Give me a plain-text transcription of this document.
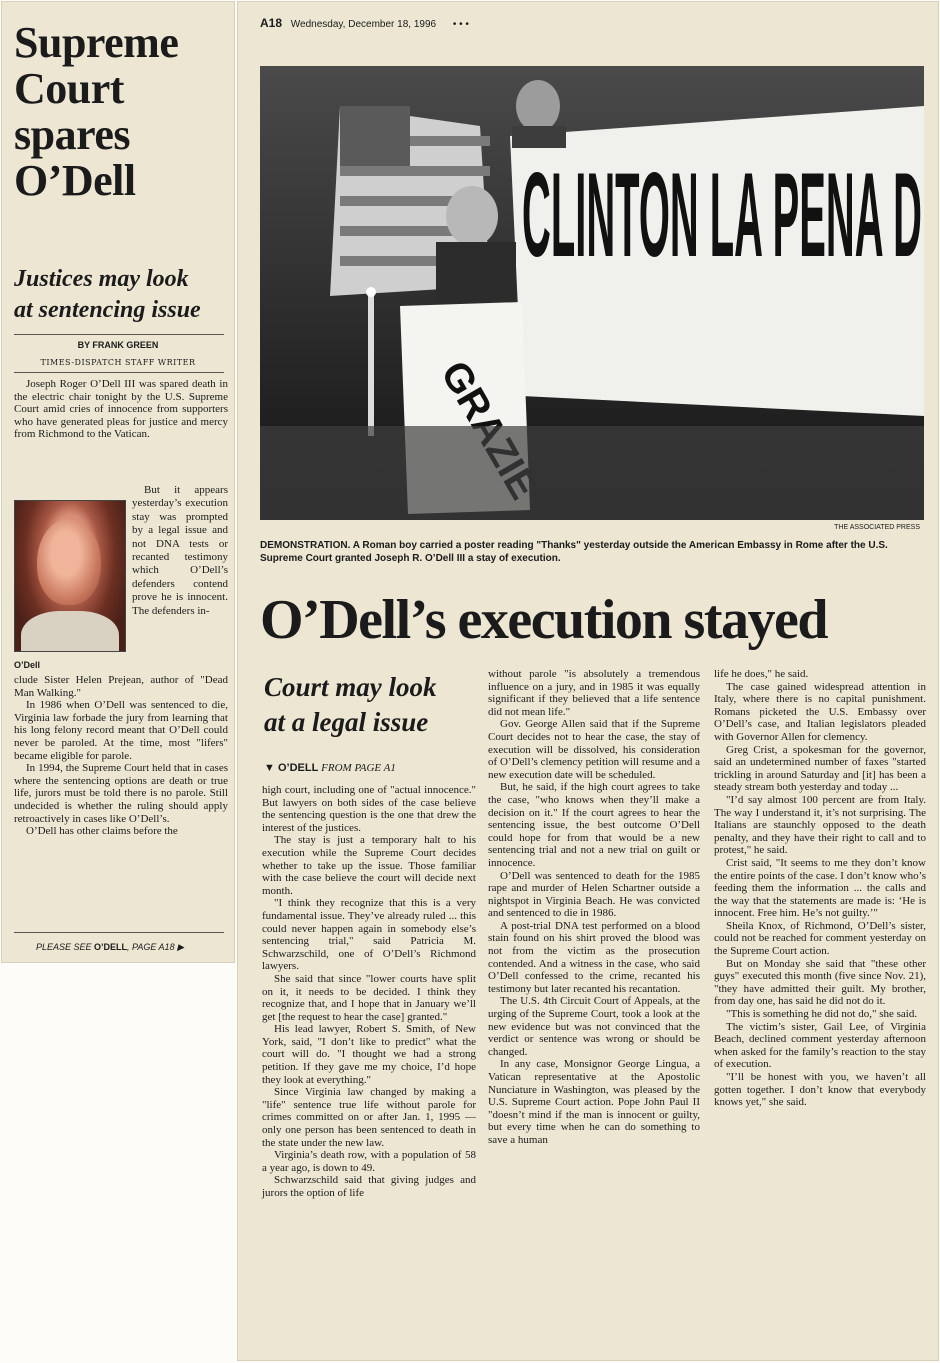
Supreme
Court
spares
O’Dell
Justices may look
at sentencing issue
BY FRANK GREEN
TIMES-DISPATCH STAFF WRITER

Joseph Roger O’Dell III was spared death in the electric chair tonight by the U.S. Supreme Court amid cries of innocence from supporters who have generated pleas for justice and mercy from Richmond to the Vatican.

O’Dell

But it appears yesterday’s execution stay was prompted by a legal issue and not DNA tests or recanted testimony which O’Dell’s defenders contend prove he is innocent. The defenders in-

clude Sister Helen Prejean, author of "Dead Man Walking."

In 1986 when O’Dell was sentenced to die, Virginia law forbade the jury from learning that his long felony record meant that O’Dell could never be paroled. At the time, most "lifers" became eligible for parole.

In 1994, the Supreme Court held that in cases where the sentencing options are death or true life, jurors must be told there is no parole. Still undecided is whether the ruling should apply retroactively in cases like O’Dell’s.

O’Dell has other claims before the

PLEASE SEE O’DELL, PAGE A18 ▶
A18 Wednesday, December 18, 1996 • • •
CLINTON LA PENA D
THE ASSOCIATED PRESS
DEMONSTRATION. A Roman boy carried a poster reading "Thanks" yesterday outside the American Embassy in Rome after the U.S. Supreme Court granted Joseph R. O’Dell III a stay of execution.
O’Dell’s execution stayed
Court may look
at a legal issue
▼ O’DELL FROM PAGE A1

high court, including one of "actual innocence." But lawyers on both sides of the case believe the sentencing question is the one that drew the interest of the justices.

The stay is just a temporary halt to his execution while the Supreme Court decides whether to take up the issue. Those familiar with the case believe the court will decide next month.

"I think they recognize that this is a very fundamental issue. They’ve already ruled ... this could never happen again in somebody else’s sentencing trial," said Patricia M. Schwarzschild, one of O’Dell’s Richmond lawyers.

She said that since "lower courts have split on it, it needs to be decided. I think they recognize that, and I hope that in January we’ll get [the request to hear the case] granted."

His lead lawyer, Robert S. Smith, of New York, said, "I don’t like to predict" what the court will do. "I thought we had a strong petition. If they gave me my choice, I’d hope they look at everything."

Since Virginia law changed by making a "life" sentence true life without parole for crimes committed on or after Jan. 1, 1995 — only one person has been sentenced to death in the state under the new law.

Virginia’s death row, with a population of 58 a year ago, is down to 49.

Schwarzschild said that giving judges and jurors the option of life

without parole "is absolutely a tremendous influence on a jury, and in 1985 it was equally significant if they believed that a life sentence did not mean life."

Gov. George Allen said that if the Supreme Court decides not to hear the case, the stay of execution will be dissolved, his consideration of O’Dell’s clemency petition will resume and a new execution date will be scheduled.

But, he said, if the high court agrees to take the case, "who knows when they’ll make a decision on it." If the court agrees to hear the sentencing issue, the best outcome O’Dell could hope for from that would be a new sentencing trial and not a new trial on guilt or innocence.

O’Dell was sentenced to death for the 1985 rape and murder of Helen Schartner outside a nightspot in Virginia Beach. He was convicted and sentenced to die in 1986.

A post-trial DNA test performed on a blood stain found on his shirt proved the blood was not from the victim as the prosecution contended. And a witness in the case, who said O’Dell confessed to the crime, recanted his testimony but later recanted his recantation.

The U.S. 4th Circuit Court of Appeals, at the urging of the Supreme Court, took a look at the new evidence but was not convinced that the verdict or sentence was wrong or should be changed.

In any case, Monsignor George Lingua, a Vatican representative at the Apostolic Nunciature in Washington, was pleased by the U.S. Supreme Court action. Pope John Paul II "doesn’t mind if the man is innocent or guilty, but every time when he can do something to save a human

life he does," he said.

The case gained widespread attention in Italy, where there is no capital punishment. Romans picketed the U.S. Embassy over O’Dell’s case, and Italian legislators pleaded with Governor Allen for clemency.

Greg Crist, a spokesman for the governor, said an undetermined number of faxes "started trickling in around Saturday and [it] has been a steady stream both yesterday and today ...

"I’d say almost 100 percent are from Italy. The way I understand it, it’s not surprising. The Italians are staunchly opposed to the death penalty, and they have their right to call and to protest," he said.

Crist said, "It seems to me they don’t know the entire points of the case. I don’t know who’s feeding them the information ... the calls and the way that the statements are made is: ‘He is innocent. Free him. He’s not guilty.’"

Sheila Knox, of Richmond, O’Dell’s sister, could not be reached for comment yesterday on the Supreme Court action.

But on Monday she said that "these other guys" executed this month (five since Nov. 21), "they have admitted their guilt. My brother, from day one, has said he did not do it.

"This is something he did not do," she said.

The victim’s sister, Gail Lee, of Virginia Beach, declined comment yesterday afternoon when asked for the family’s reaction to the stay of execution.

"I’ll be honest with you, we haven’t all gotten together. I don’t know that everybody knows yet," she said.
